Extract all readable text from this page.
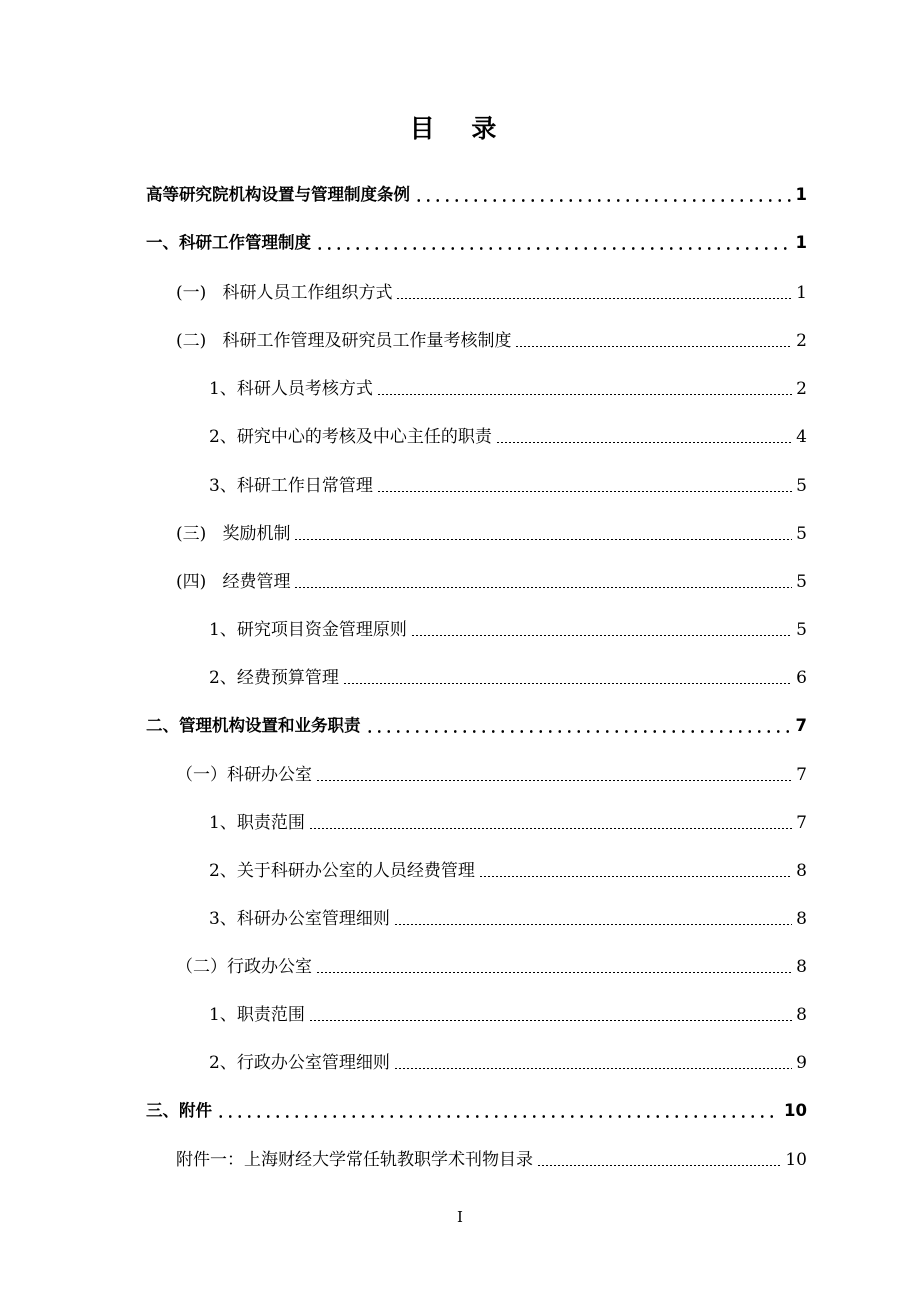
目 录
高等研究院机构设置与管理制度条例	1
一、科研工作管理制度	1
(一)   科研人员工作组织方式	1
(二)   科研工作管理及研究员工作量考核制度	2
1、科研人员考核方式	2
2、研究中心的考核及中心主任的职责	4
3、科研工作日常管理	5
(三)   奖励机制	5
(四)   经费管理	5
1、研究项目资金管理原则	5
2、经费预算管理	6
二、管理机构设置和业务职责	7
（一）科研办公室	7
1、职责范围	7
2、关于科研办公室的人员经费管理	8
3、科研办公室管理细则	8
（二）行政办公室	8
1、职责范围	8
2、行政办公室管理细则	9
三、附件	10
附件一：上海财经大学常任轨教职学术刊物目录	10
I
